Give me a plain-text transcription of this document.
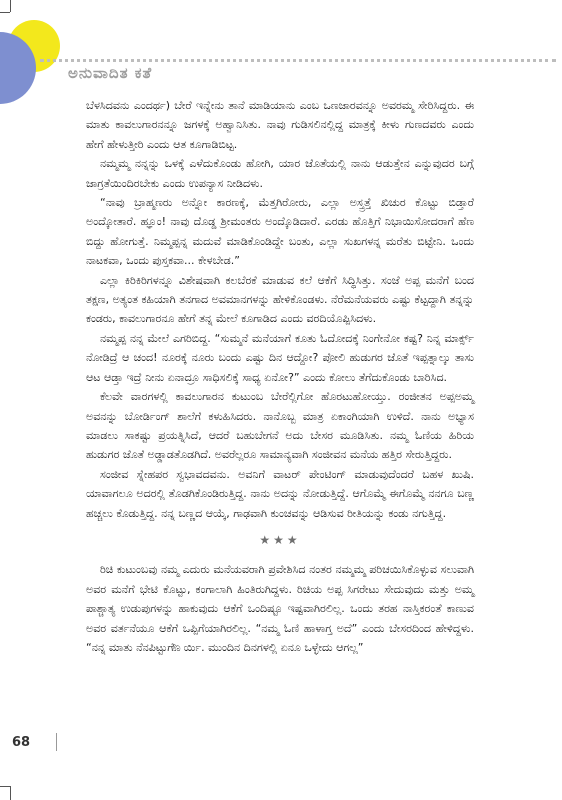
ಅನುವಾದಿತ ಕತೆ

ಬೆಳಸಿದವನು ಎಂದರ್ಥ) ಬೇರೆ ಇನ್ನೇನು ತಾನೆ ಮಾಡಿಯಾನು ಎಂಬ ಒಣಜಾರವನ್ನೂ ಅವರಮ್ಮ ಸೇರಿಸಿದ್ದರು. ಈ ಮಾತು ಕಾವಲುಗಾರನನ್ನೂ ಜಗಳಕ್ಕೆ ಅಹ್ವಾನಿಸಿತು. ನಾವು ಗುಡಿಸಲಿನಲ್ಲಿದ್ದ ಮಾತ್ರಕ್ಕೆ ಕೀಳು ಗುಣದವರು ಎಂದು ಹೇಗೆ ಹೇಳುತ್ತೀರಿ ಎಂದು ಆತ ಕೂಗಾಡಿಬಿಟ್ಟ.

ನಮ್ಮಮ್ಮ ನನ್ನನ್ನು ಒಳಕ್ಕೆ ಎಳೆದುಕೊಂಡು ಹೋಗಿ, ಯಾರ ಜೊತೆಯಲ್ಲಿ ನಾನು ಆಡುತ್ತೇನ ಎನ್ನುವುದರ ಬಗ್ಗೆ ಜಾಗ್ರತೆಯಿಂದಿರಬೇಕು ಎಂದು ಉಪನ್ಯಾಸ ನೀಡಿದಳು.

“ನಾವು ಬ್ರಾಹ್ಮಣರು ಅನ್ನೋ ಕಾರಣಕ್ಕೆ, ಮೆತ್ತಗಿರೋರು, ಎಲ್ಲಾ ಅಸ್ತ್ರತ್ತೆ ಖಿಚುರ ಕೊಟ್ಟು ಬಿಡ್ತಾರೆ ಅಂದ್ಕೋತಾರೆ. ಹ್ಞೂಂ! ನಾವು ದೊಡ್ಡ ಶ್ರೀಮಂತರು ಅಂದ್ಕೊಡಿದಾರೆ. ಎರಡು ಹೊತ್ತಿಗೆ ನಿಭಾಯಿಸೋದರಾಗೆ ಹೆಣ ಬಿದ್ದು ಹೋಗುತ್ತೆ. ನಿಮ್ಮಪ್ಪನ್ನ ಮದುವೆ ಮಾಡಿಕೊಂಡಿದ್ದೇ ಬಂತು, ಎಲ್ಲಾ ಸುಖಗಳನ್ನ ಮರೆತು ಬಿಟ್ಟೇನಿ. ಒಂದು ನಾಟಕವಾ, ಒಂದು ಪುಸ್ತಕವಾ... ಕೇಳಬೇಡ.”

ಎಲ್ಲಾ ಕಿರಿಕಿರಿಗಳನ್ನೂ ವಿಶೇಷವಾಗಿ ಕಲಬೆರಕೆ ಮಾಡುವ ಕಲೆ ಆಕೆಗೆ ಸಿದ್ಧಿಸಿತ್ತು. ಸಂಜೆ ಅಪ್ಪ ಮನೆಗೆ ಬಂದ ತಕ್ಷಣ, ಅತ್ಯಂತ ಕಹಿಯಾಗಿ ತನಗಾದ ಅವಮಾನಗಳನ್ನು ಹೇಳಿಕೊಂಡಳು. ನೆರೆಮನೆಯವರು ಎಷ್ಟು ಕೆಟ್ಟದ್ದಾಗಿ ತನ್ನನ್ನು ಕಂಡರು, ಕಾವಲುಗಾರನೂ ಹೇಗೆ ತನ್ನ ಮೇಲೆ ಕೂಗಾಡಿದ ಎಂದು ವರದಿಯೊಪ್ಪಿಸಿದಳು.

ನಮ್ಮಪ್ಪ ನನ್ನ ಮೇಲೆ ಎಗರಿಬಿದ್ದ. “ಸುಮ್ಮನೆ ಮನೆಯಾಗೆ ಕೂತು ಓದೋದಕ್ಕೆ ನಿಂಗೇನೋ ಕಷ್ಟ? ನಿನ್ನ ಮಾರ್ಕ್ಸ್ ನೋಡಿದ್ರೆ ಆ ಚಂದ! ನೂರಕ್ಕೆ ನೂರು ಬಂದು ಎಷ್ಟು ದಿನ ಆದ್ದೋ? ಪೋಲಿ ಹುಡುಗರ ಜೊತೆ ಇಪ್ಪತ್ನಾಲ್ಕು ತಾಸು ಆಟ ಆಡ್ತಾ ಇದ್ರೆ ನೀನು ಏನಾದ್ರೂ ಸಾಧಿಸಲಿಕ್ಕೆ ಸಾಧ್ಯ ಏನೋ?” ಎಂದು ಕೋಲು ತೆಗೆದುಕೊಂಡು ಬಾರಿಸಿದ.

ಕೆಲವೇ ವಾರಗಳಲ್ಲಿ ಕಾವಲುಗಾರನ ಕುಟುಂಬ ಬೇರೆಲ್ಲಿಗೋ ಹೊರಟುಹೋಯ್ತು. ರಂಜೀತನ ಅಪ್ಪಅಮ್ಮ ಅವನನ್ನು ಬೋರ್ಡಿಂಗ್ ಶಾಲೆಗೆ ಕಳುಹಿಸಿದರು. ನಾನೊಬ್ಬ ಮಾತ್ರ ಏಕಾಂಗಿಯಾಗಿ ಉಳಿದೆ. ನಾನು ಅಭ್ಯಾಸ ಮಾಡಲು ಸಾಕಷ್ಟು ಪ್ರಯತ್ನಿಸಿದೆ, ಆದರೆ ಬಹುಬೇಗನೆ ಅದು ಬೇಸರ ಮೂಡಿಸಿತು. ನಮ್ಮ ಓಣಿಯ ಹಿರಿಯ ಹುಡುಗರ ಜೊತೆ ಅಡ್ಡಾಡತೊಡಗಿದೆ. ಅವರೆಲ್ಲರೂ ಸಾಮಾನ್ಯವಾಗಿ ಸಂಜೀವನ ಮನೆಯ ಹತ್ತಿರ ಸೇರುತ್ತಿದ್ದರು.

ಸಂಜೀವ ಸ್ನೇಹಪರ ಸ್ವಭಾವದವನು. ಅವನಿಗೆ ವಾಟರ್ ಪೇಂಟಿಂಗ್ ಮಾಡುವುದೆಂದರೆ ಬಹಳ ಖುಷಿ. ಯಾವಾಗಲೂ ಅದರಲ್ಲಿ ತೊಡಗಿಕೊಂಡಿರುತ್ತಿದ್ದ. ನಾನು ಅದನ್ನು ನೋಡುತ್ತಿದ್ದೆ. ಆಗೊಮ್ಮೆ ಈಗೊಮ್ಮೆ ನನಗೂ ಬಣ್ಣ ಹಚ್ಚಲು ಕೊಡುತ್ತಿದ್ದ. ನನ್ನ ಬಣ್ಣದ ಆಯ್ಕೆ, ಗಾಢವಾಗಿ ಕುಂಚವನ್ನು ಆಡಿಸುವ ರೀತಿಯನ್ನು ಕಂಡು ನಗುತ್ತಿದ್ದ.

★★★

ರಿಚಿ ಕುಟುಂಬವು ನಮ್ಮ ಎದುರು ಮನೆಯವರಾಗಿ ಪ್ರವೇಶಿಸಿದ ನಂತರ ನಮ್ಮಮ್ಮ ಪರಿಚಯಿಸಿಕೊಳ್ಳುವ ಸಲುವಾಗಿ ಅವರ ಮನೆಗೆ ಭೇಟಿ ಕೊಟ್ಟು, ಕಂಗಾಲಾಗಿ ಹಿಂತಿರುಗಿದ್ದಳು. ರಿಚಿಯ ಅಪ್ಪ ಸಿಗರೇಟು ಸೇದುವುದು ಮತ್ತು ಅಮ್ಮ ಪಾಶ್ಚಾತ್ಯ ಉಡುಪುಗಳನ್ನು ಹಾಕುವುದು ಆಕೆಗೆ ಒಂದಿಷ್ಟೂ ಇಷ್ಟವಾಗಿರಲಿಲ್ಲ. ಒಂದು ತರಹ ನಾಸ್ತಿಕರಂತೆ ಕಾಣುವ ಅವರ ವರ್ತನೆಯೂ ಆಕೆಗೆ ಒಪ್ಪಿಗೆಯಾಗಿರಲಿಲ್ಲ. “ನಮ್ಮ ಓಣಿ ಹಾಳಾಗ್ತ ಅದೆ” ಎಂದು ಬೇಸರದಿಂದ ಹೇಳಿದ್ದಳು. “ನನ್ನ ಮಾತು ನೆನಪಿಟ್ಟುಗೊ್ರ್ಯಿ. ಮುಂದಿನ ದಿನಗಳಲ್ಲಿ ಏನೂ ಒಳ್ಳೇದು ಆಗಲ್ಲ”

68
